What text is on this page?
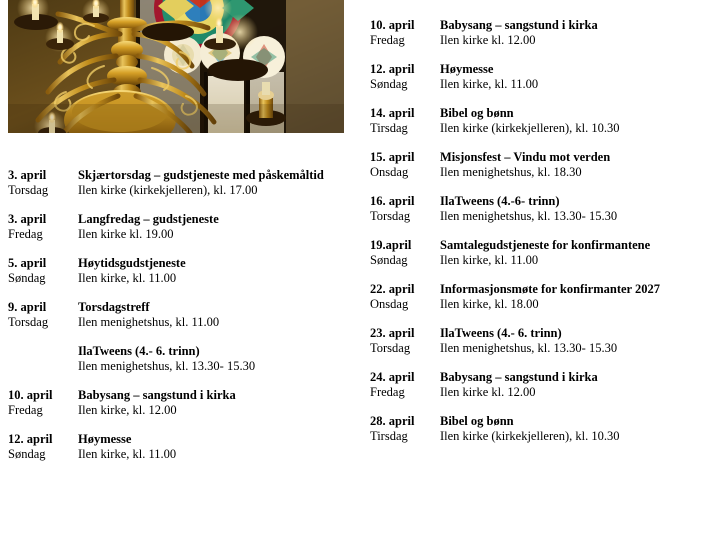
3. april
Torsdag
Skjærtorsdag – gudstjeneste med påskemåltid
Ilen kirke (kirkekjelleren), kl. 17.00
3. april
Fredag
Langfredag – gudstjeneste
Ilen kirke kl. 19.00
5. april
Søndag
Høytidsgudstjeneste
Ilen kirke, kl. 11.00
9. april
Torsdag
Torsdagstreff
Ilen menighetshus, kl. 11.00
IlaTweens (4.- 6. trinn)
Ilen menighetshus, kl. 13.30- 15.30
10. april
Fredag
Babysang – sangstund i kirka
Ilen kirke, kl. 12.00
12. april
Søndag
Høymesse
Ilen kirke, kl. 11.00
10. april
Fredag
Babysang – sangstund i kirka
Ilen kirke kl. 12.00
12. april
Søndag
Høymesse
Ilen kirke, kl. 11.00
14. april
Tirsdag
Bibel og bønn
Ilen kirke (kirkekjelleren), kl. 10.30
15. april
Onsdag
Misjonsfest – Vindu mot verden
Ilen menighetshus, kl. 18.30
16. april
Torsdag
IlaTweens (4.-6- trinn)
Ilen menighetshus, kl. 13.30- 15.30
19.april
Søndag
Samtalegudstjeneste for konfirmantene
Ilen kirke, kl. 11.00
22. april
Onsdag
Informasjonsmøte for konfirmanter 2027
Ilen kirke, kl. 18.00
23. april
Torsdag
IlaTweens (4.- 6. trinn)
Ilen menighetshus, kl. 13.30- 15.30
24. april
Fredag
Babysang – sangstund i kirka
Ilen kirke kl. 12.00
28. april
Tirsdag
Bibel og bønn
Ilen kirke (kirkekjelleren), kl. 10.30
